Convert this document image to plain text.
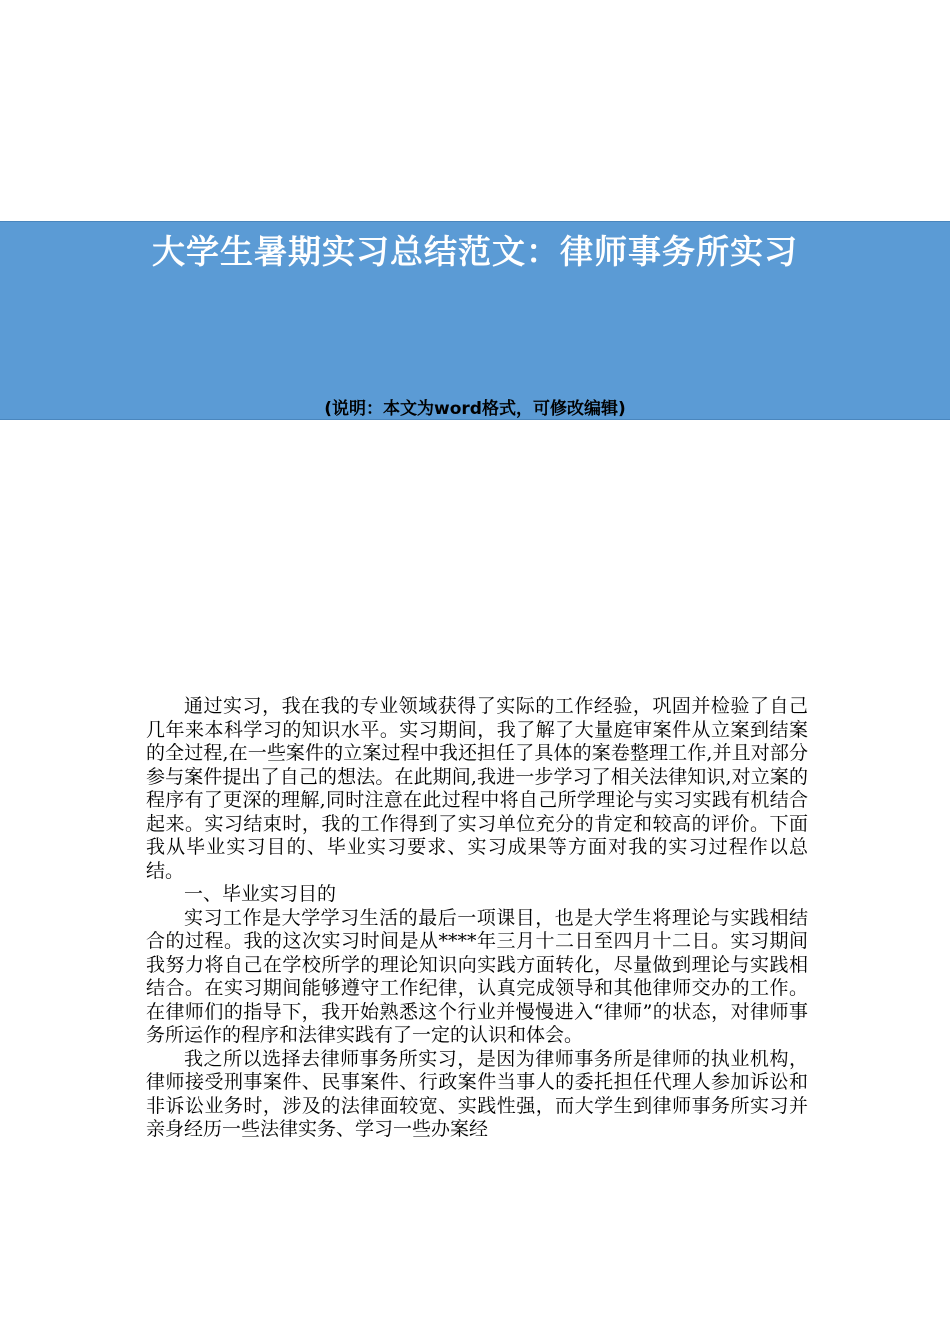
大学生暑期实习总结范文：律师事务所实习
(说明：本文为word格式，可修改编辑)

通过实习，我在我的专业领域获得了实际的工作经验，巩固并检验了自己几年来本科学习的知识水平。实习期间，我了解了大量庭审案件从立案到结案的全过程,在一些案件的立案过程中我还担任了具体的案卷整理工作,并且对部分参与案件提出了自己的想法。在此期间,我进一步学习了相关法律知识,对立案的程序有了更深的理解,同时注意在此过程中将自己所学理论与实习实践有机结合起来。实习结束时，我的工作得到了实习单位充分的肯定和较高的评价。下面我从毕业实习目的、毕业实习要求、实习成果等方面对我的实习过程作以总结。

一、毕业实习目的

实习工作是大学学习生活的最后一项课目，也是大学生将理论与实践相结合的过程。我的这次实习时间是从****年三月十二日至四月十二日。实习期间我努力将自己在学校所学的理论知识向实践方面转化，尽量做到理论与实践相结合。在实习期间能够遵守工作纪律，认真完成领导和其他律师交办的工作。在律师们的指导下，我开始熟悉这个行业并慢慢进入“律师”的状态，对律师事务所运作的程序和法律实践有了一定的认识和体会。

我之所以选择去律师事务所实习，是因为律师事务所是律师的执业机构，律师接受刑事案件、民事案件、行政案件当事人的委托担任代理人参加诉讼和非诉讼业务时，涉及的法律面较宽、实践性强，而大学生到律师事务所实习并亲身经历一些法律实务、学习一些办案经
